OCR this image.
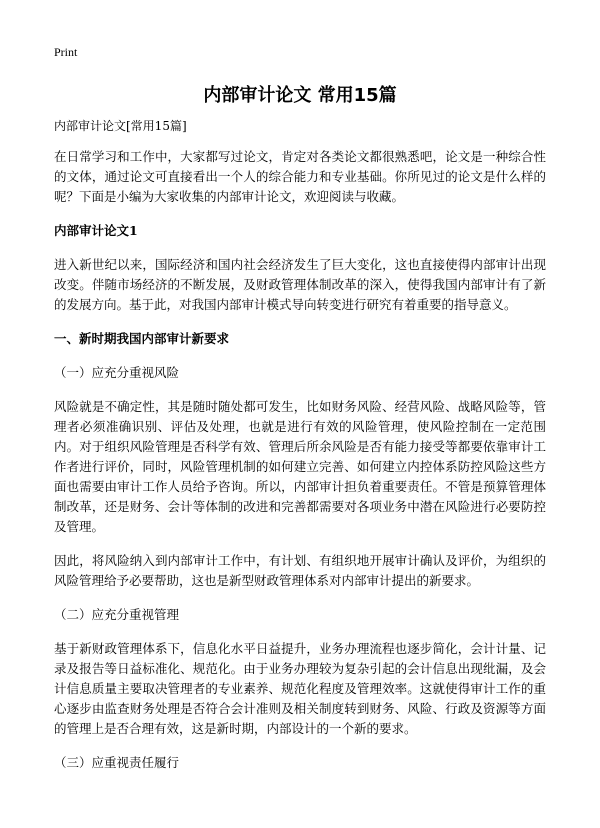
Print
内部审计论文 常用15篇

内部审计论文[常用15篇]

在日常学习和工作中，大家都写过论文，肯定对各类论文都很熟悉吧，论文是一种综合性的文体，通过论文可直接看出一个人的综合能力和专业基础。你所见过的论文是什么样的呢？下面是小编为大家收集的内部审计论文，欢迎阅读与收藏。

内部审计论文1

进入新世纪以来，国际经济和国内社会经济发生了巨大变化，这也直接使得内部审计出现改变。伴随市场经济的不断发展，及财政管理体制改革的深入，使得我国内部审计有了新的发展方向。基于此，对我国内部审计模式导向转变进行研究有着重要的指导意义。

一、新时期我国内部审计新要求

（一）应充分重视风险

风险就是不确定性，其是随时随处都可发生，比如财务风险、经营风险、战略风险等，管理者必须准确识别、评估及处理，也就是进行有效的风险管理，使风险控制在一定范围内。对于组织风险管理是否科学有效、管理后所余风险是否有能力接受等都要依靠审计工作者进行评价，同时，风险管理机制的如何建立完善、如何建立内控体系防控风险这些方面也需要由审计工作人员给予咨询。所以，内部审计担负着重要责任。不管是预算管理体制改革，还是财务、会计等体制的改进和完善都需要对各项业务中潜在风险进行必要防控及管理。

因此，将风险纳入到内部审计工作中，有计划、有组织地开展审计确认及评价，为组织的风险管理给予必要帮助，这也是新型财政管理体系对内部审计提出的新要求。

（二）应充分重视管理

基于新财政管理体系下，信息化水平日益提升，业务办理流程也逐步简化，会计计量、记录及报告等日益标准化、规范化。由于业务办理较为复杂引起的会计信息出现纰漏，及会计信息质量主要取决管理者的专业素养、规范化程度及管理效率。这就使得审计工作的重心逐步由监查财务处理是否符合会计准则及相关制度转到财务、风险、行政及资源等方面的管理上是否合理有效，这是新时期，内部设计的一个新的要求。

（三）应重视责任履行
